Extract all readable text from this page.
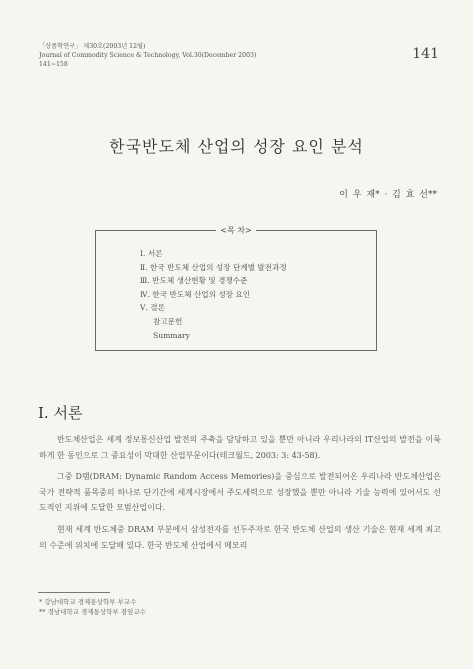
「상품학연구」 제30호(2003년 12월)
Journal of Commodity Science & Technology, Vol.30(December 2003)
141~158
141
한국반도체 산업의 성장 요인 분석
이 우 재* · 김 효 선**
<목 차>
Ⅰ. 서론
Ⅱ. 한국 반도체 산업의 성장 단계별 발전과정
Ⅲ. 반도체 생산현황 및 경쟁수준
Ⅳ. 한국 반도체 산업의 성장 요인
Ⅴ. 결론
참고문헌
Summary
Ⅰ. 서론

반도체산업은 세계 정보통신산업 발전의 주축을 담당하고 있을 뿐만 아니라 우리나라의 IT산업의 발전을 이룩하게 한 동인으로 그 중요성이 막대한 산업부문이다(테크월드, 2003: 3: 43-58).

그중 D램(DRAM: Dynamic Random Access Memories)을 중심으로 발전되어온 우리나라 반도체산업은 국가 전략적 품목중의 하나로 단기간에 세계시장에서 주도세력으로 성장했을 뿐만 아니라 기술 능력에 있어서도 선도적인 지위에 도달한 모범산업이다.

현재 세계 반도체중 DRAM 부분에서 삼성전자를 선두주자로 한국 반도체 산업의 생산 기술은 현재 세계 최고의 수준에 위치에 도달해 있다. 한국 반도체 산업에서 메모리

* 강남대학교 경제통상학부 부교수
** 경남대학교 경제통상학부 겸임교수
